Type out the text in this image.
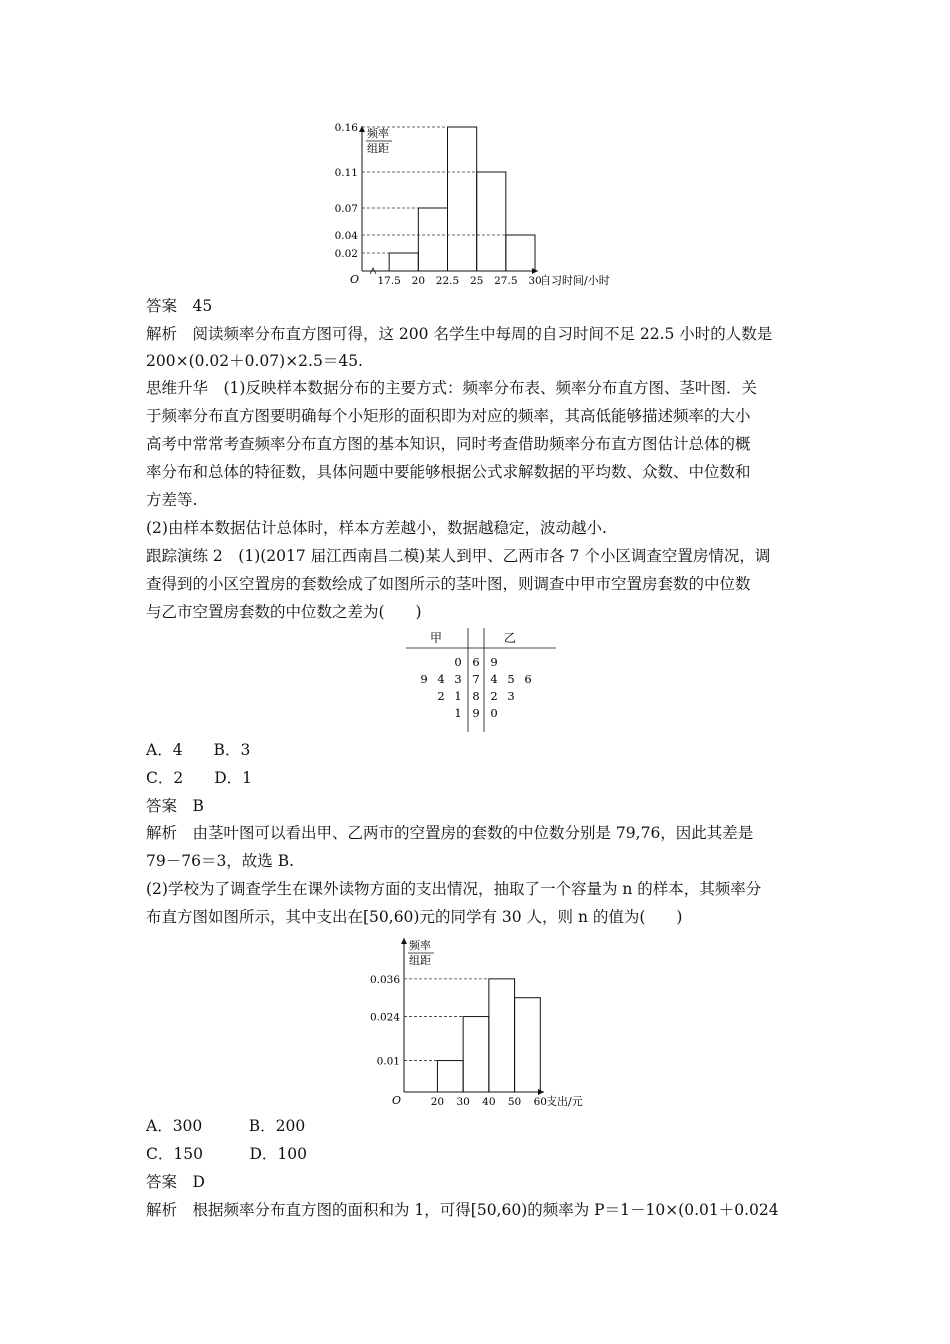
频率
组距
O
0.02
0.04
0.07
0.11
0.16
17.5 20 22.5 25 27.5 30
自习时间/小时
答案　45
解析　阅读频率分布直方图可得，这 200 名学生中每周的自习时间不足 22.5 小时的人数是
200×(0.02＋0.07)×2.5＝45.
思维升华　(1)反映样本数据分布的主要方式：频率分布表、频率分布直方图、茎叶图．关
于频率分布直方图要明确每个小矩形的面积即为对应的频率，其高低能够描述频率的大小
高考中常常考查频率分布直方图的基本知识，同时考查借助频率分布直方图估计总体的概
率分布和总体的特征数，具体问题中要能够根据公式求解数据的平均数、众数、中位数和
方差等.
(2)由样本数据估计总体时，样本方差越小，数据越稳定，波动越小.
跟踪演练 2　(1)(2017 届江西南昌二模)某人到甲、乙两市各 7 个小区调查空置房情况，调
查得到的小区空置房的套数绘成了如图所示的茎叶图，则调查中甲市空置房套数的中位数
与乙市空置房套数的中位数之差为(　　)
甲	乙
0 6 9
9 4 3 7 4 5 6
2 1 8 2 3
1 9 0
A．4　　B．3
C．2　　D．1
答案　B
解析　由茎叶图可以看出甲、乙两市的空置房的套数的中位数分别是 79,76，因此其差是
79－76＝3，故选 B.
(2)学校为了调查学生在课外读物方面的支出情况，抽取了一个容量为 n 的样本，其频率分
布直方图如图所示，其中支出在[50,60)元的同学有 30 人，则 n 的值为(　　)
频率
组距
O
0.01
0.024
0.036
20 30 40 50 60 支出/元
A．300　　　B．200
C．150　　　D．100
答案　D
解析　根据频率分布直方图的面积和为 1，可得[50,60)的频率为 P＝1－10×(0.01＋0.024
